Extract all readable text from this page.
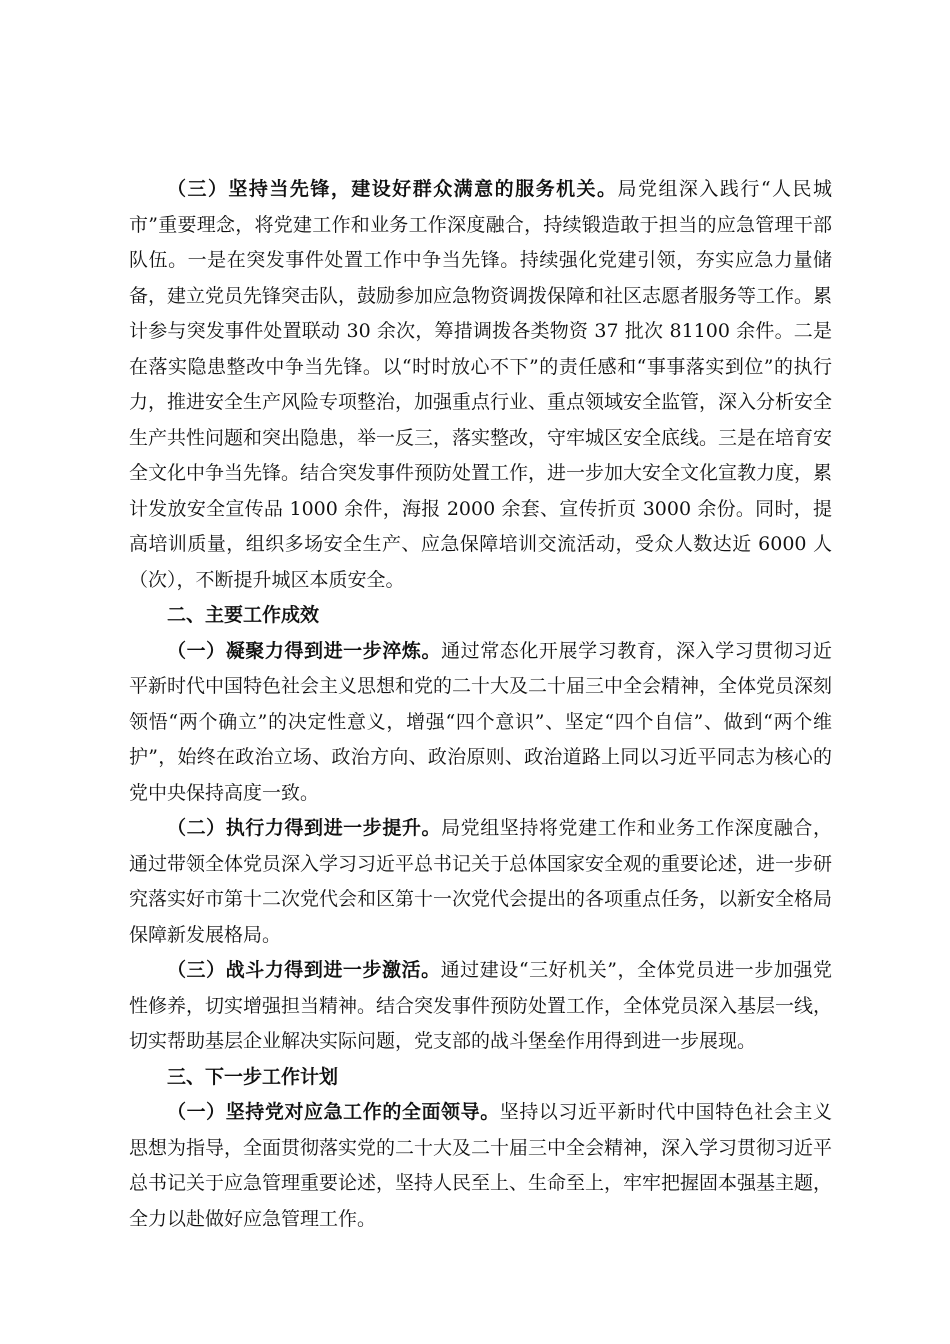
（三）坚持当先锋，建设好群众满意的服务机关。局党组深入践行“人民城市”重要理念，将党建工作和业务工作深度融合，持续锻造敢于担当的应急管理干部队伍。一是在突发事件处置工作中争当先锋。持续强化党建引领，夯实应急力量储备，建立党员先锋突击队，鼓励参加应急物资调拨保障和社区志愿者服务等工作。累计参与突发事件处置联动 30 余次，筹措调拨各类物资 37 批次 81100 余件。二是在落实隐患整改中争当先锋。以“时时放心不下”的责任感和“事事落实到位”的执行力，推进安全生产风险专项整治，加强重点行业、重点领域安全监管，深入分析安全生产共性问题和突出隐患，举一反三，落实整改，守牢城区安全底线。三是在培育安全文化中争当先锋。结合突发事件预防处置工作，进一步加大安全文化宣教力度，累计发放安全宣传品 1000 余件，海报 2000 余套、宣传折页 3000 余份。同时，提高培训质量，组织多场安全生产、应急保障培训交流活动，受众人数达近 6000 人（次），不断提升城区本质安全。

二、主要工作成效

（一）凝聚力得到进一步淬炼。通过常态化开展学习教育，深入学习贯彻习近平新时代中国特色社会主义思想和党的二十大及二十届三中全会精神，全体党员深刻领悟“两个确立”的决定性意义，增强“四个意识”、坚定“四个自信”、做到“两个维护”，始终在政治立场、政治方向、政治原则、政治道路上同以习近平同志为核心的党中央保持高度一致。

（二）执行力得到进一步提升。局党组坚持将党建工作和业务工作深度融合，通过带领全体党员深入学习习近平总书记关于总体国家安全观的重要论述，进一步研究落实好市第十二次党代会和区第十一次党代会提出的各项重点任务，以新安全格局保障新发展格局。

（三）战斗力得到进一步激活。通过建设“三好机关”，全体党员进一步加强党性修养，切实增强担当精神。结合突发事件预防处置工作，全体党员深入基层一线，切实帮助基层企业解决实际问题，党支部的战斗堡垒作用得到进一步展现。

三、下一步工作计划

（一）坚持党对应急工作的全面领导。坚持以习近平新时代中国特色社会主义思想为指导，全面贯彻落实党的二十大及二十届三中全会精神，深入学习贯彻习近平总书记关于应急管理重要论述，坚持人民至上、生命至上，牢牢把握固本强基主题，全力以赴做好应急管理工作。
